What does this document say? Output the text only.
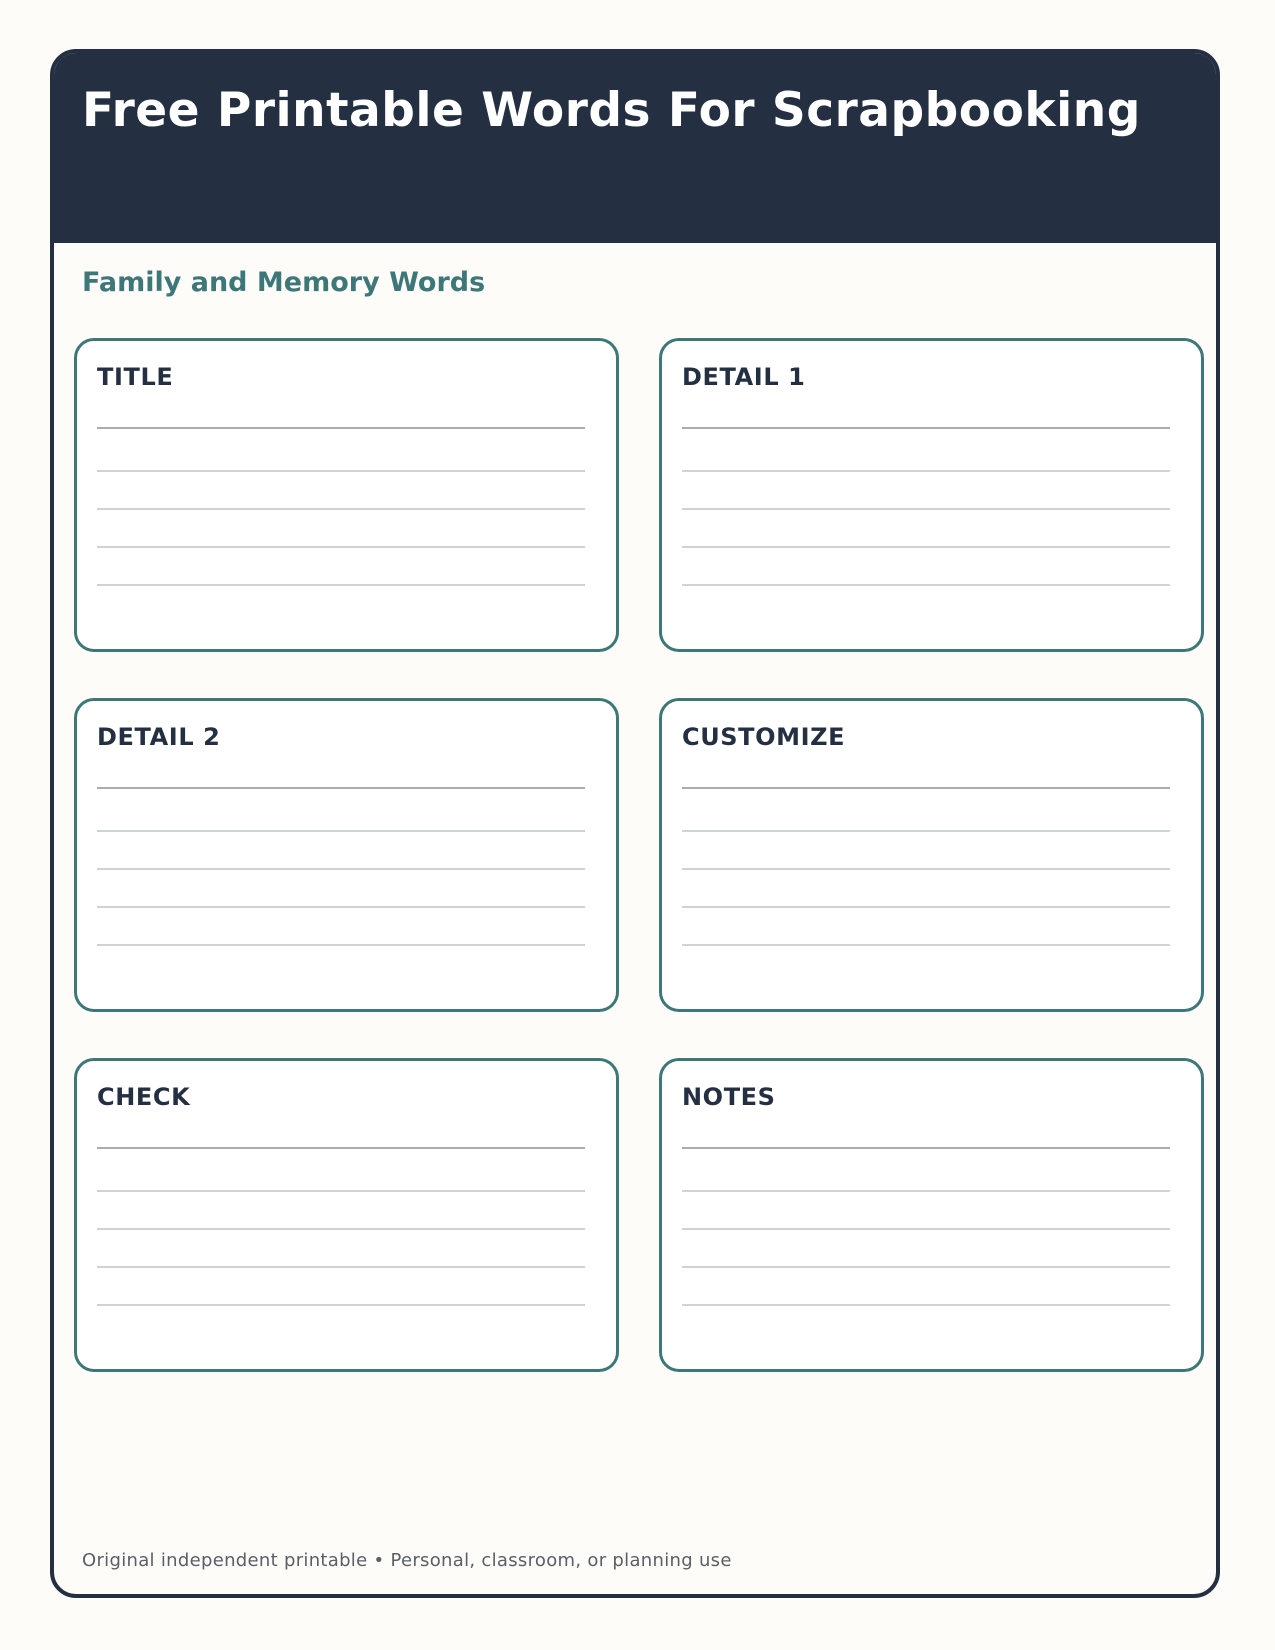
Free Printable Words For Scrapbooking
Family and Memory Words
TITLE	DETAIL 1
DETAIL 2	CUSTOMIZE
CHECK	NOTES
Original independent printable • Personal, classroom, or planning use
